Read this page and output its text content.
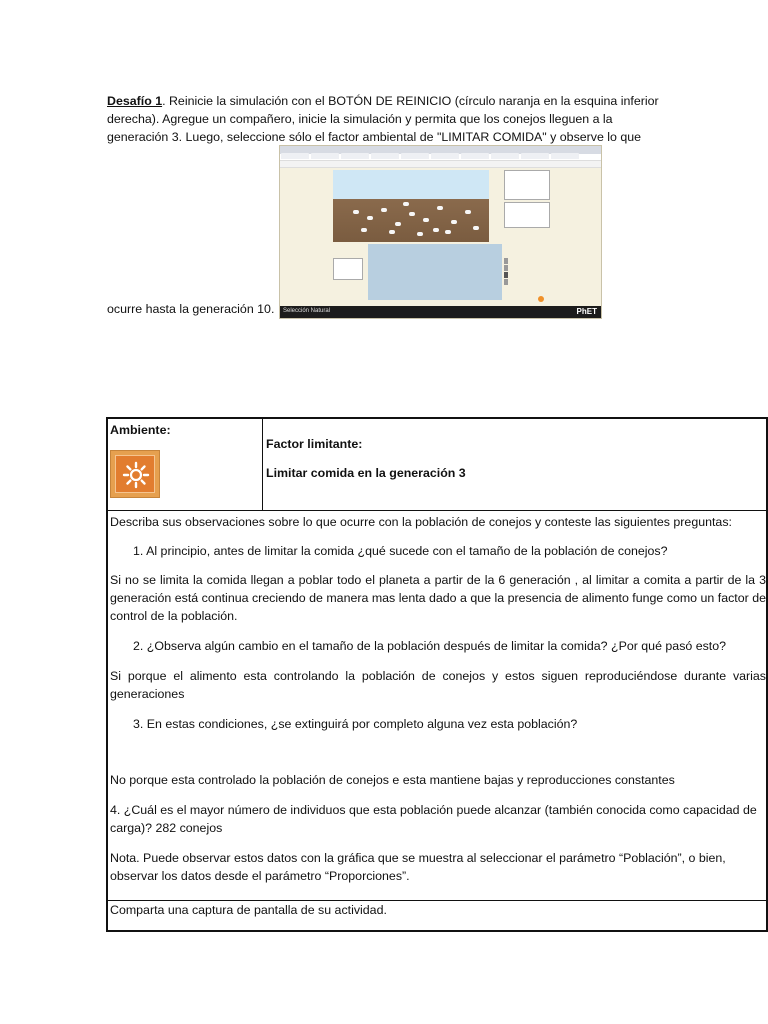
Desafío 1. Reinicie la simulación con el BOTÓN DE REINICIO (círculo naranja en la esquina inferior derecha). Agregue un compañero, inicie la simulación y permita que los conejos lleguen a la generación 3. Luego, seleccione sólo el factor ambiental de "LIMITAR COMIDA" y observe lo que
Selección Natural	PhET
ocurre hasta la generación 10.
Ambiente:
Factor limitante:
Limitar comida en la generación 3
Describa sus observaciones sobre lo que ocurre con la población de conejos y conteste las siguientes preguntas:
1. Al principio, antes de limitar la comida ¿qué sucede con el tamaño de la población de conejos?
Si no se limita la comida llegan a poblar todo el planeta a partir de la 6 generación , al limitar a comita a partir de la 3 generación está continua creciendo de manera mas lenta dado a que la presencia de alimento funge como un factor de control de la población.
2. ¿Observa algún cambio en el tamaño de la población después de limitar la comida? ¿Por qué pasó esto?
Si porque el alimento esta controlando la población de conejos y estos siguen reproduciéndose durante varias generaciones
3. En estas condiciones, ¿se extinguirá por completo alguna vez esta población?
No porque esta controlado la población de conejos e esta mantiene bajas y reproducciones constantes
4. ¿Cuál es el mayor número de individuos que esta población puede alcanzar (también conocida como capacidad de carga)? 282 conejos
Nota. Puede observar estos datos con la gráfica que se muestra al seleccionar el parámetro “Población”, o bien, observar los datos desde el parámetro “Proporciones”.
Comparta una captura de pantalla de su actividad.
